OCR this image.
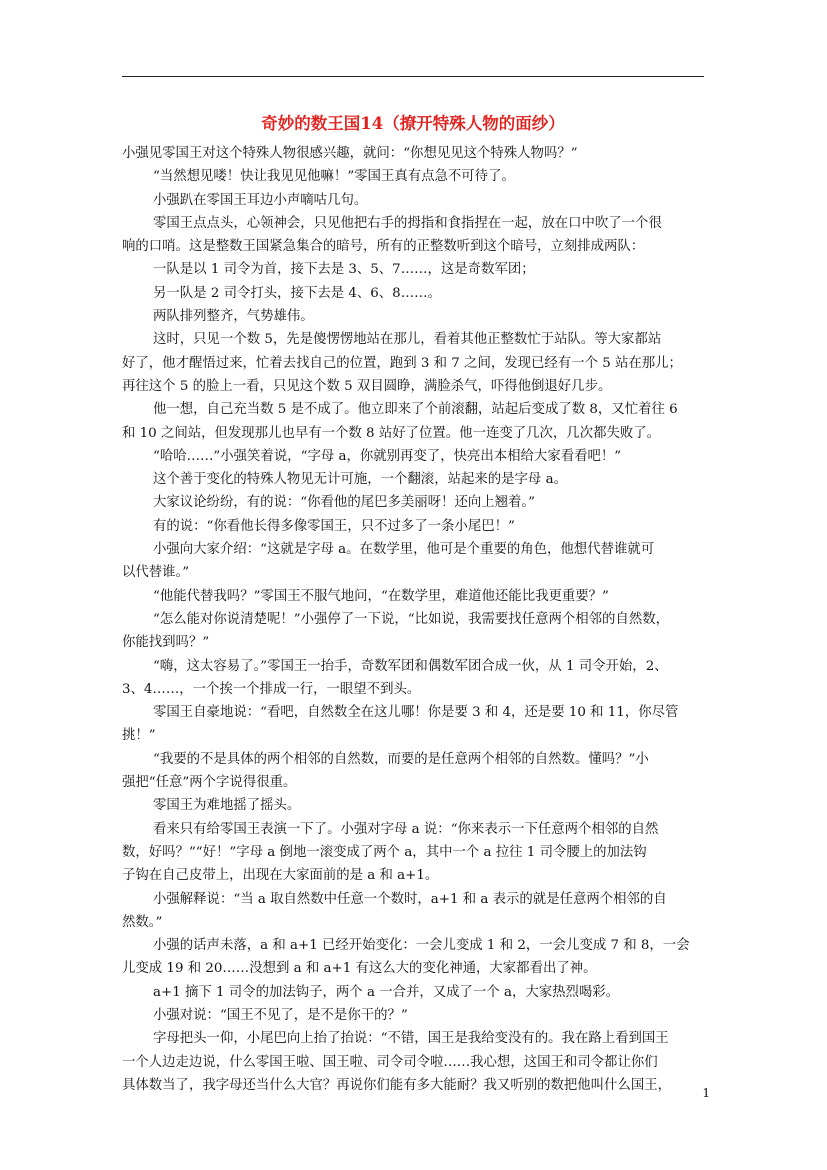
奇妙的数王国14（撩开特殊人物的面纱）
小强见零国王对这个特殊人物很感兴趣，就问：“你想见见这个特殊人物吗？”
“当然想见喽！快让我见见他嘛！”零国王真有点急不可待了。
小强趴在零国王耳边小声嘀咕几句。
零国王点点头，心领神会，只见他把右手的拇指和食指捏在一起，放在口中吹了一个很
响的口哨。这是整数王国紧急集合的暗号，所有的正整数听到这个暗号，立刻排成两队：
一队是以 1 司令为首，接下去是 3、5、7……，这是奇数军团；
另一队是 2 司令打头，接下去是 4、6、8……。
两队排列整齐，气势雄伟。
这时，只见一个数 5，先是傻愣愣地站在那儿，看着其他正整数忙于站队。等大家都站
好了，他才醒悟过来，忙着去找自己的位置，跑到 3 和 7 之间，发现已经有一个 5 站在那儿；
再往这个 5 的脸上一看，只见这个数 5 双目圆睁，满脸杀气，吓得他倒退好几步。
他一想，自己充当数 5 是不成了。他立即来了个前滚翻，站起后变成了数 8，又忙着往 6
和 10 之间站，但发现那儿也早有一个数 8 站好了位置。他一连变了几次，几次都失败了。
“哈哈……”小强笑着说，“字母 a，你就别再变了，快亮出本相给大家看看吧！”
这个善于变化的特殊人物见无计可施，一个翻滚，站起来的是字母 a。
大家议论纷纷，有的说：“你看他的尾巴多美丽呀！还向上翘着。”
有的说：“你看他长得多像零国王，只不过多了一条小尾巴！”
小强向大家介绍：“这就是字母 a。在数学里，他可是个重要的角色，他想代替谁就可
以代替谁。”
“他能代替我吗？”零国王不服气地问，“在数学里，难道他还能比我更重要？”
“怎么能对你说清楚呢！”小强停了一下说，“比如说，我需要找任意两个相邻的自然数，
你能找到吗？”
“嗨，这太容易了。”零国王一抬手，奇数军团和偶数军团合成一伙，从 1 司令开始，2、
3、4……，一个挨一个排成一行，一眼望不到头。
零国王自豪地说：“看吧，自然数全在这儿哪！你是要 3 和 4，还是要 10 和 11，你尽管
挑！”
“我要的不是具体的两个相邻的自然数，而要的是任意两个相邻的自然数。懂吗？”小
强把“任意”两个字说得很重。
零国王为难地摇了摇头。
看来只有给零国王表演一下了。小强对字母 a 说：“你来表示一下任意两个相邻的自然
数，好吗？”“好！”字母 a 倒地一滚变成了两个 a，其中一个 a 拉往 1 司令腰上的加法钩
子钩在自己皮带上，出现在大家面前的是 a 和 a+1。
小强解释说：“当 a 取自然数中任意一个数时，a+1 和 a 表示的就是任意两个相邻的自
然数。”
小强的话声未落，a 和 a+1 已经开始变化：一会儿变成 1 和 2，一会儿变成 7 和 8，一会
儿变成 19 和 20……没想到 a 和 a+1 有这么大的变化神通，大家都看出了神。
a+1 摘下 1 司令的加法钩子，两个 a 一合并，又成了一个 a，大家热烈喝彩。
小强对说：“国王不见了，是不是你干的？”
字母把头一仰，小尾巴向上抬了抬说：“不错，国王是我给变没有的。我在路上看到国王
一个人边走边说，什么零国王啦、国王啦、司令司令啦……我心想，这国王和司令都让你们
具体数当了，我字母还当什么大官？再说你们能有多大能耐？我又听别的数把他叫什么国王，
1
